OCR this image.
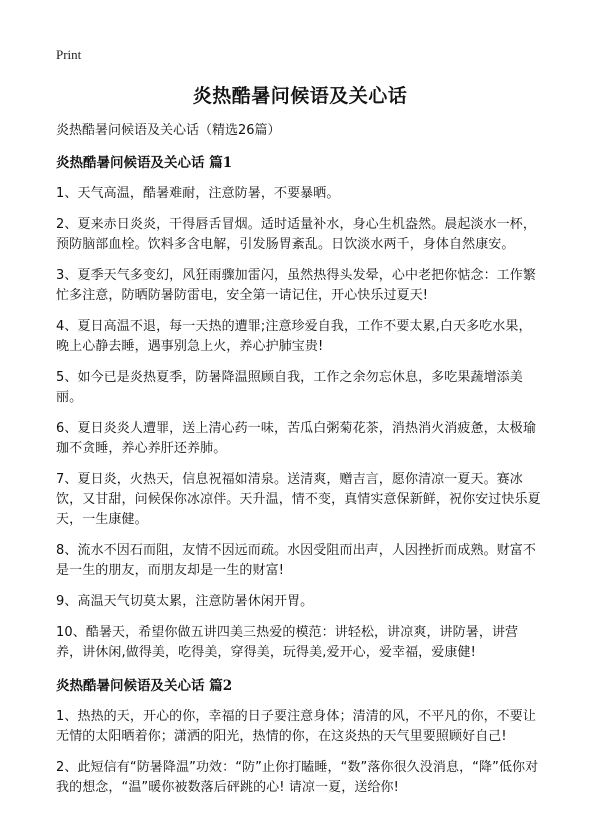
Print
炎热酷暑问候语及关心话
炎热酷暑问候语及关心话（精选26篇）
炎热酷暑问候语及关心话 篇1

1、天气高温，酷暑难耐，注意防暑，不要暴晒。

2、夏来赤日炎炎，干得唇舌冒烟。适时适量补水，身心生机盎然。晨起淡水一杯，预防脑部血栓。饮料多含电解，引发肠胃紊乱。日饮淡水两千，身体自然康安。

3、夏季天气多变幻，风狂雨骤加雷闪，虽然热得头发晕，心中老把你惦念：工作繁忙多注意，防晒防暑防雷电，安全第一请记住，开心快乐过夏天!

4、夏日高温不退，每一天热的遭罪;注意珍爱自我，工作不要太累,白天多吃水果，晚上心静去睡，遇事别急上火，养心护肺宝贵!

5、如今已是炎热夏季，防暑降温照顾自我，工作之余勿忘休息，多吃果蔬增添美丽。

6、夏日炎炎人遭罪，送上清心药一味，苦瓜白粥菊花茶，消热消火消疲惫，太极瑜珈不贪睡，养心养肝还养肺。

7、夏日炎，火热天，信息祝福如清泉。送清爽，赠吉言，愿你清凉一夏天。赛冰饮，又甘甜，问候保你冰凉伴。天升温，情不变，真情实意保新鲜，祝你安过快乐夏天，一生康健。

8、流水不因石而阻，友情不因远而疏。水因受阻而出声，人因挫折而成熟。财富不是一生的朋友，而朋友却是一生的财富!

9、高温天气切莫太累，注意防暑休闲开胃。

10、酷暑天，希望你做五讲四美三热爱的模范：讲轻松，讲凉爽，讲防暑，讲营养，讲休闲,做得美，吃得美，穿得美，玩得美,爱开心，爱幸福，爱康健!

炎热酷暑问候语及关心话 篇2

1、热热的天，开心的你，幸福的日子要注意身体；清清的风，不平凡的你，不要让无情的太阳晒着你；潇洒的阳光，热情的你，在这炎热的天气里要照顾好自己!

2、此短信有“防暑降温”功效：“防”止你打瞌睡，“数”落你很久没消息，“降”低你对我的想念，“温”暖你被数落后砰跳的心! 请凉一夏，送给你!
